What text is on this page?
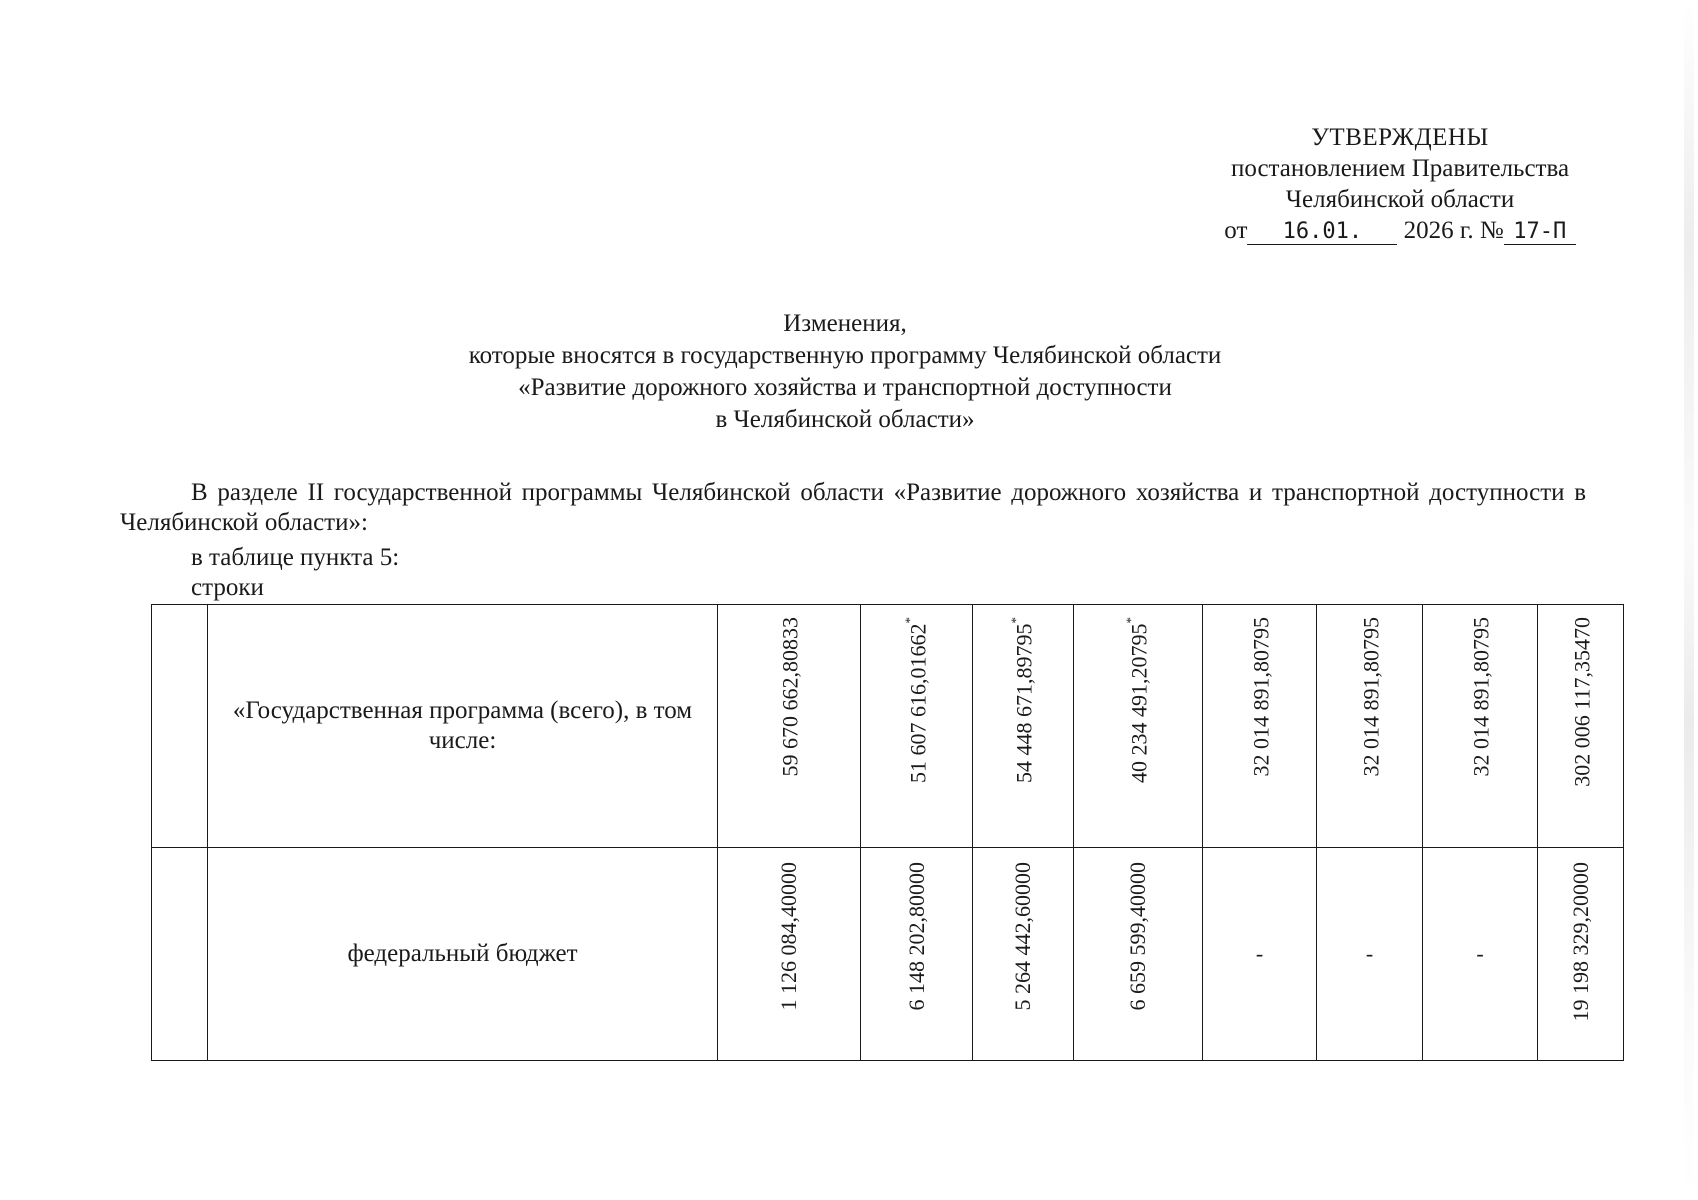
УТВЕРЖДЕНЫ
постановлением Правительства
Челябинской области
от 16.01. 2026 г. № 17-П
Изменения,
которые вносятся в государственную программу Челябинской области
«Развитие дорожного хозяйства и транспортной доступности
в Челябинской области»
В разделе II государственной программы Челябинской области «Развитие дорожного хозяйства и транспортной доступности в Челябинской области»:
в таблице пункта 5:
строки
	«Государственная программа (всего), в том числе:	59 670 662,80833	51 607 616,01662*	54 448 671,89795*	40 234 491,20795*	32 014 891,80795	32 014 891,80795	32 014 891,80795	302 006 117,35470
	федеральный бюджет	1 126 084,40000	6 148 202,80000	5 264 442,60000	6 659 599,40000	-	-	-	19 198 329,20000
